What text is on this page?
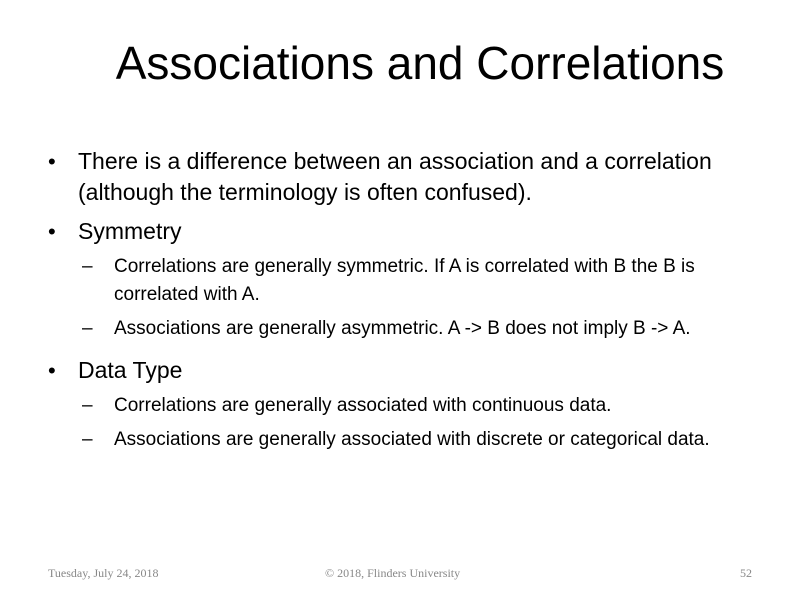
Associations and Correlations
• There is a difference between an association and a correlation (although the terminology is often confused).
• Symmetry
– Correlations are generally symmetric. If A is correlated with B the B is correlated with A.
– Associations are generally asymmetric. A -> B does not imply B -> A.
• Data Type
– Correlations are generally associated with continuous data.
– Associations are generally associated with discrete or categorical data.
Tuesday, July 24, 2018	© 2018, Flinders University	52
